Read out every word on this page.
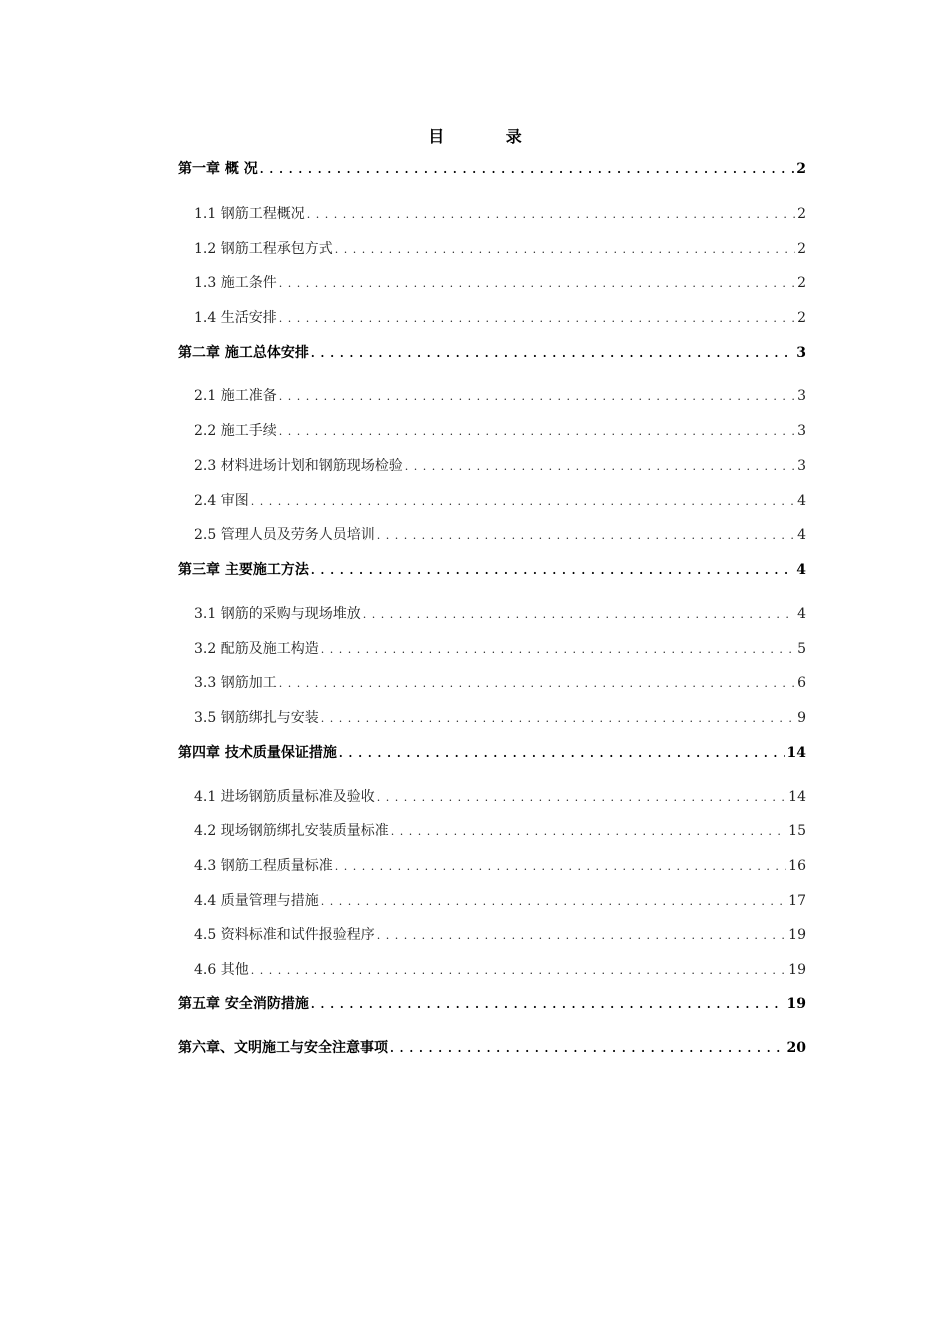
目 录
第一章 概 况 . . .	2
1.1 钢筋工程概况 . . .	2
1.2 钢筋工程承包方式 . . .	2
1.3 施工条件 . . .	2
1.4 生活安排 . . .	2
第二章 施工总体安排 . . .	3
2.1 施工准备 . . .	3
2.2 施工手续 . . .	3
2.3 材料进场计划和钢筋现场检验 . . .	3
2.4 审图 . . .	4
2.5 管理人员及劳务人员培训 . . .	4
第三章 主要施工方法 . . .	4
3.1 钢筋的采购与现场堆放 . . .	4
3.2 配筋及施工构造 . . .	5
3.3 钢筋加工 . . .	6
3.5 钢筋绑扎与安装 . . .	9
第四章 技术质量保证措施 . . .	14
4.1 进场钢筋质量标准及验收 . . .	14
4.2 现场钢筋绑扎安装质量标准 . . .	15
4.3 钢筋工程质量标准 . . .	16
4.4 质量管理与措施 . . .	17
4.5 资料标准和试件报验程序 . . .	19
4.6 其他 . . .	19
第五章 安全消防措施 . . .	19
第六章、文明施工与安全注意事项 . . .	20
